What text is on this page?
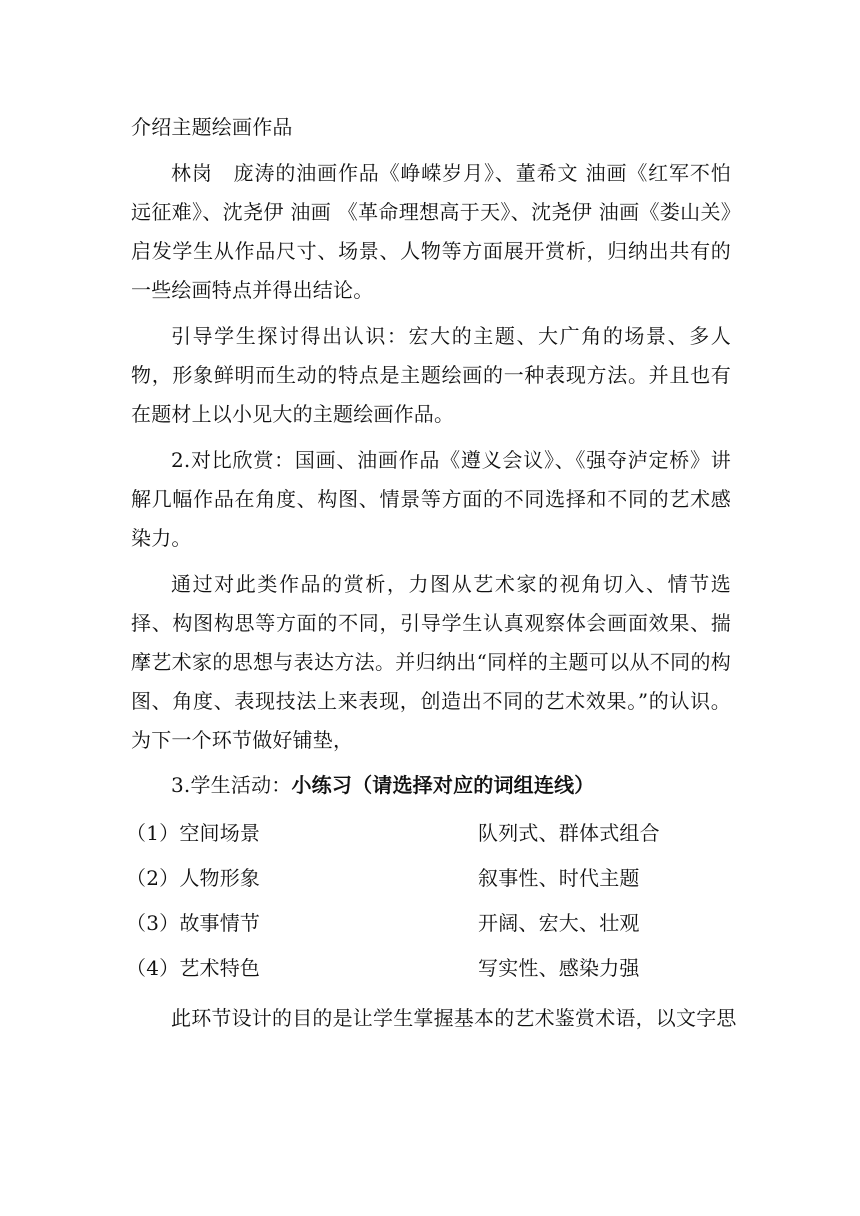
介绍主题绘画作品

林岗　庞涛的油画作品《峥嵘岁月》、董希文 油画《红军不怕远征难》、沈尧伊 油画 《革命理想高于天》、沈尧伊 油画《娄山关》启发学生从作品尺寸、场景、人物等方面展开赏析，归纳出共有的一些绘画特点并得出结论。

引导学生探讨得出认识：宏大的主题、大广角的场景、多人物，形象鲜明而生动的特点是主题绘画的一种表现方法。并且也有在题材上以小见大的主题绘画作品。

2.对比欣赏：国画、油画作品《遵义会议》、《强夺泸定桥》讲解几幅作品在角度、构图、情景等方面的不同选择和不同的艺术感染力。

通过对此类作品的赏析，力图从艺术家的视角切入、情节选择、构图构思等方面的不同，引导学生认真观察体会画面效果、揣摩艺术家的思想与表达方法。并归纳出“同样的主题可以从不同的构图、角度、表现技法上来表现，创造出不同的艺术效果。”的认识。为下一个环节做好铺垫，

3.学生活动：小练习（请选择对应的词组连线）

（1）空间场景	队列式、群体式组合
（2）人物形象	叙事性、时代主题
（3）故事情节	开阔、宏大、壮观
（4）艺术特色	写实性、感染力强

此环节设计的目的是让学生掌握基本的艺术鉴赏术语，以文字思
